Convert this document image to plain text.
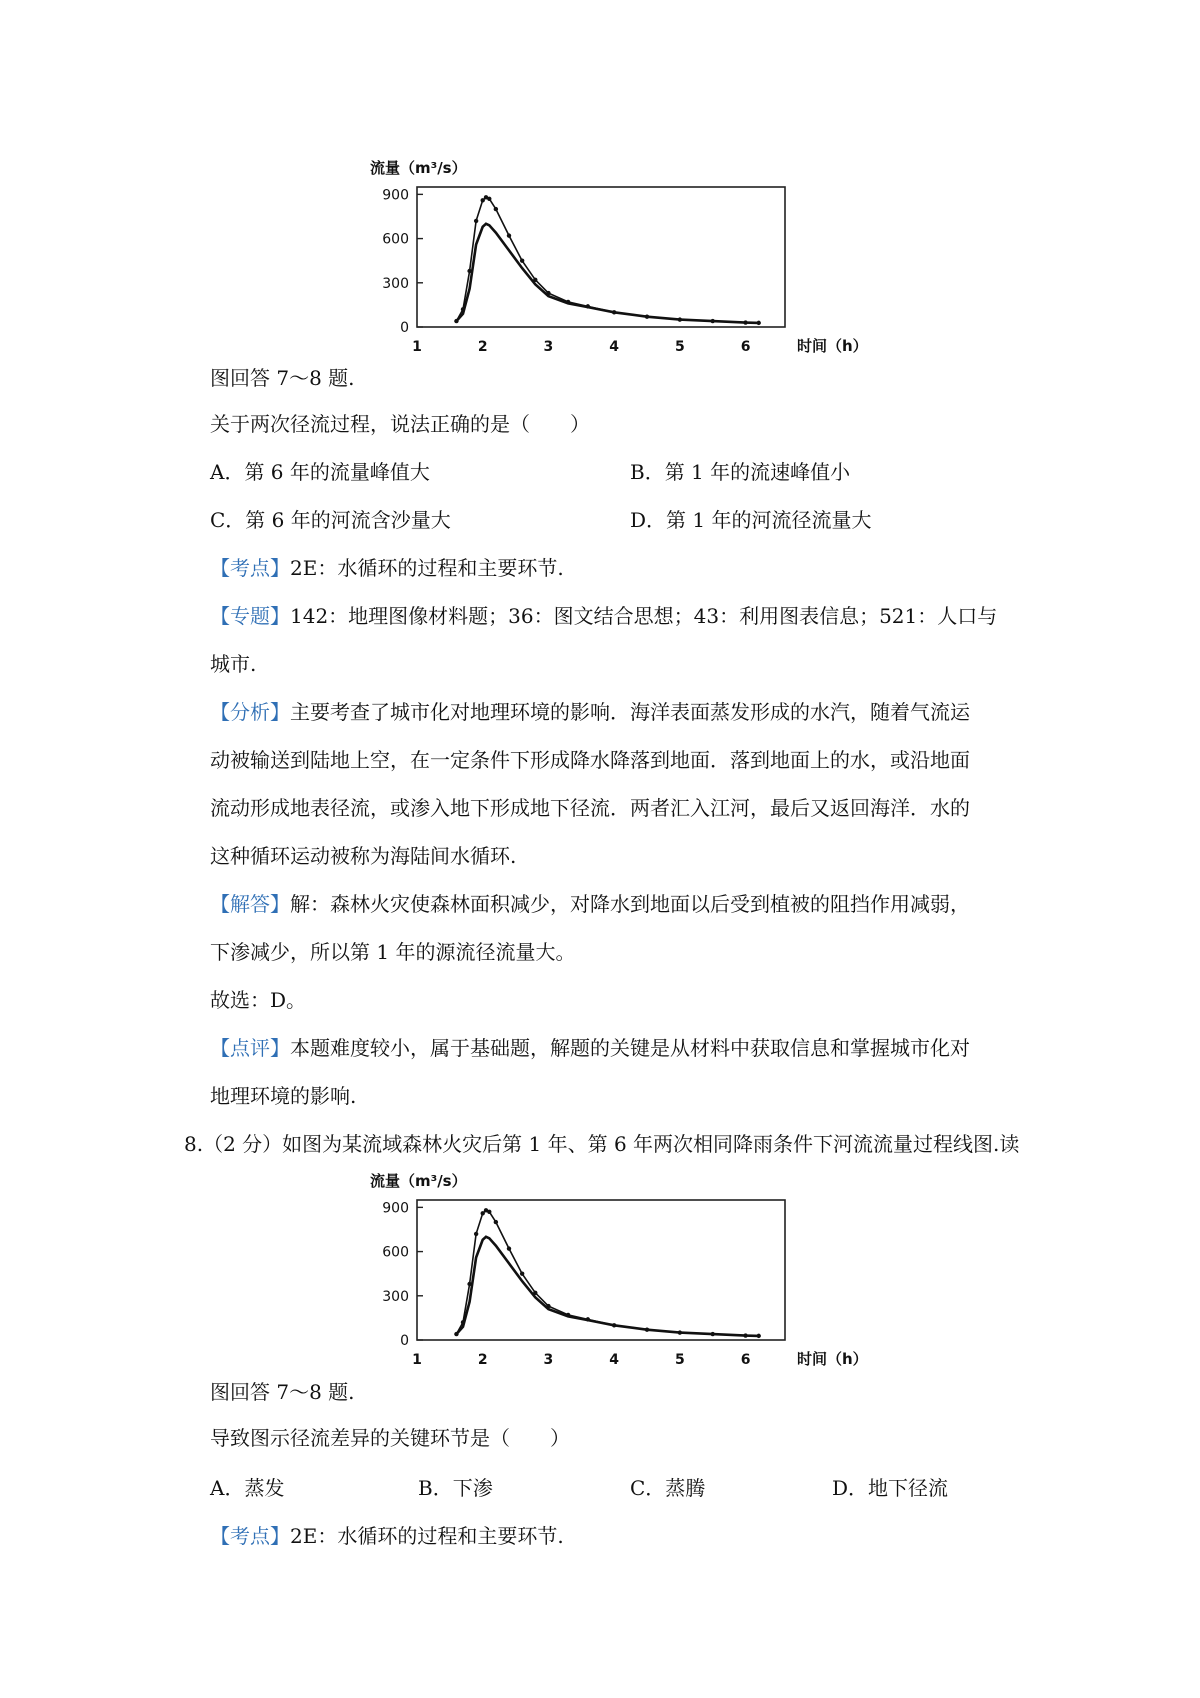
流量（m³/s）
0
300
600
900
1	2	3	4	5	6	时间（h）
图回答 7～8 题.
关于两次径流过程，说法正确的是（　　）
A．第 6 年的流量峰值大	B．第 1 年的流速峰值小
C．第 6 年的河流含沙量大	D．第 1 年的河流径流量大
【考点】2E：水循环的过程和主要环节.
【专题】142：地理图像材料题；36：图文结合思想；43：利用图表信息；521：人口与
城市.
【分析】主要考查了城市化对地理环境的影响．海洋表面蒸发形成的水汽，随着气流运
动被输送到陆地上空，在一定条件下形成降水降落到地面．落到地面上的水，或沿地面
流动形成地表径流，或渗入地下形成地下径流．两者汇入江河，最后又返回海洋．水的
这种循环运动被称为海陆间水循环.
【解答】解：森林火灾使森林面积减少，对降水到地面以后受到植被的阻挡作用减弱，
下渗减少，所以第 1 年的源流径流量大。
故选：D。
【点评】本题难度较小，属于基础题，解题的关键是从材料中获取信息和掌握城市化对
地理环境的影响.
8.（2 分）如图为某流域森林火灾后第 1 年、第 6 年两次相同降雨条件下河流流量过程线图.读
流量（m³/s）
0
300
600
900
1	2	3	4	5	6	时间（h）
图回答 7～8 题.
导致图示径流差异的关键环节是（　　）
A．蒸发	B．下渗	C．蒸腾	D．地下径流
【考点】2E：水循环的过程和主要环节.
